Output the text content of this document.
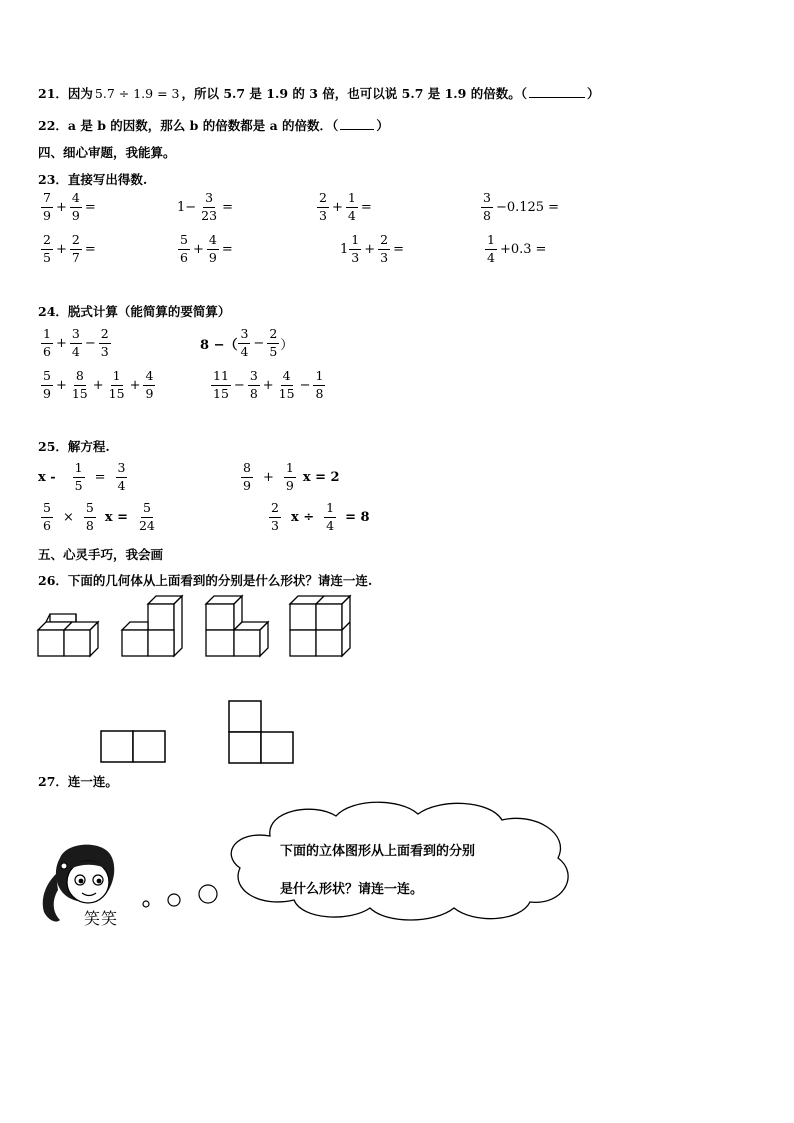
21．因为 5.7 ÷ 1.9 = 3 ，所以 5.7 是 1.9 的 3 倍，也可以说 5.7 是 1.9 的倍数。（	）
22．a 是 b 的因数，那么 b 的倍数都是 a 的倍数．（	）
四、细心审题，我能算。
23．直接写出得数.
$\frac{7}{9} + \frac{4}{9}$ =	$1- \frac{3}{23}$ =	$\frac{2}{3} + \frac{1}{4}$ =	$\frac{3}{8} -0.125$ =
$\frac{2}{5} + \frac{2}{7}$ =	$\frac{5}{6} + \frac{4}{9}$ =	$1 \frac{1}{3} + \frac{2}{3}$ =	$\frac{1}{4} +0.3$ =
24．脱式计算（能简算的要简算）
$\frac{1}{6} + \frac{3}{4} - \frac{2}{3}$	8 −（ $\frac{3}{4} - \frac{2}{5}$ ）
$\frac{5}{9} + \frac{8}{15} + \frac{1}{15} + \frac{4}{9}$	$\frac{11}{15} - \frac{3}{8} + \frac{4}{15} - \frac{1}{8}$
25．解方程.
$x - \frac{1}{5} = \frac{3}{4}$	$\frac{8}{9} + \frac{1}{9}$ x = 2
$\frac{5}{6} \times \frac{5}{8}$ $x = \frac{5}{24}$	$\frac{2}{3}$ $x \div \frac{1}{4} = 8$
五、心灵手巧，我会画
26．下面的几何体从上面看到的分别是什么形状？请连一连.
27．连一连。
笑笑
下面的立体图形从上面看到的分别
是什么形状？请连一连。
